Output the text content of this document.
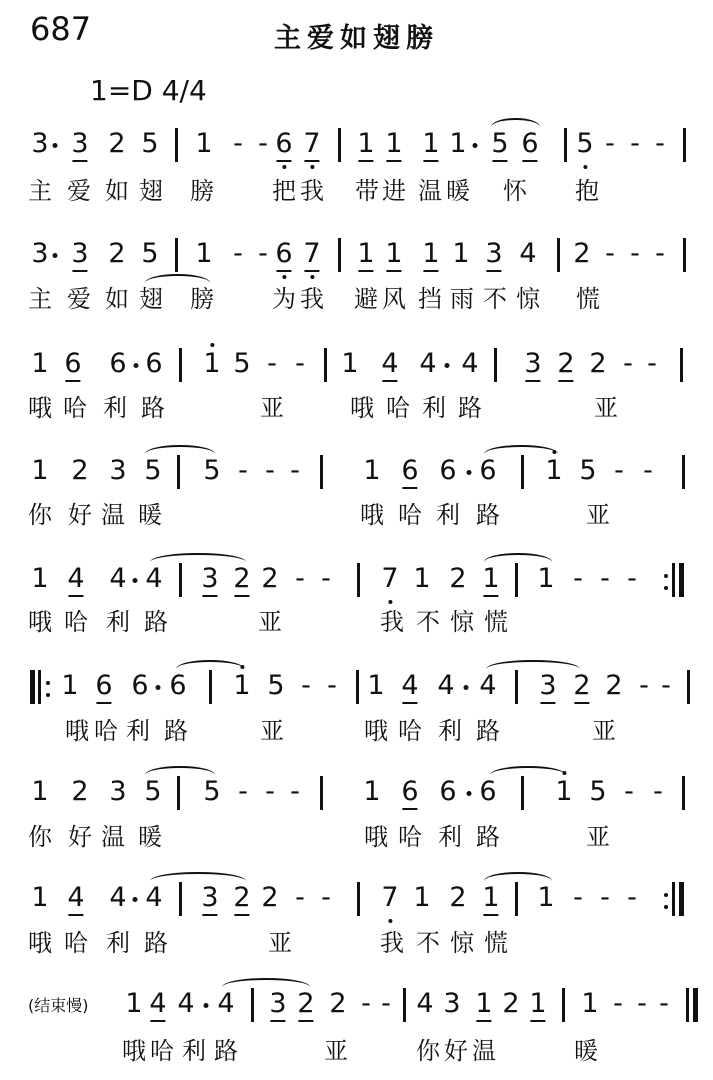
687	主爱如翅膀
1=D 4/4
3 3 2 5 1 - - 6 7 1 1 1 1 5 6 5 - - -
主 爱 如 翅 膀 把 我 带 进 温 暖 怀 抱
3 3 2 5 1 - - 6 7 1 1 1 1 3 4 2 - - -
主 爱 如 翅 膀 为 我 避 风 挡 雨 不 惊 慌
1 6 6 6 1 5 - - 1 4 4 4 3 2 2 - -
哦 哈 利 路	亚	哦 哈 利 路	亚
1 2 3 5 5 - - - 1 6 6 6 1 5 - -
你 好 温 暖	哦 哈 利 路	亚
1 4 4 4 3 2 2 - - 7 1 2 1 1 - - -
哦 哈 利 路	亚	我 不 惊 慌
1 6 6 6 1 5 - - 1 4 4 4 3 2 2 - -
哦 哈 利 路	亚	哦 哈 利 路	亚
1 2 3 5 5 - - - 1 6 6 6 1 5 - -
你 好 温 暖	哦 哈 利 路	亚
1 4 4 4 3 2 2 - - 7 1 2 1 1 - - -
哦 哈 利 路	亚	我 不 惊 慌
1 4 4 4 3 2 2 - - 4 3 1 2 1 1 - - -
哦 哈 利 路	亚	你 好 温	暖
(结束慢)
